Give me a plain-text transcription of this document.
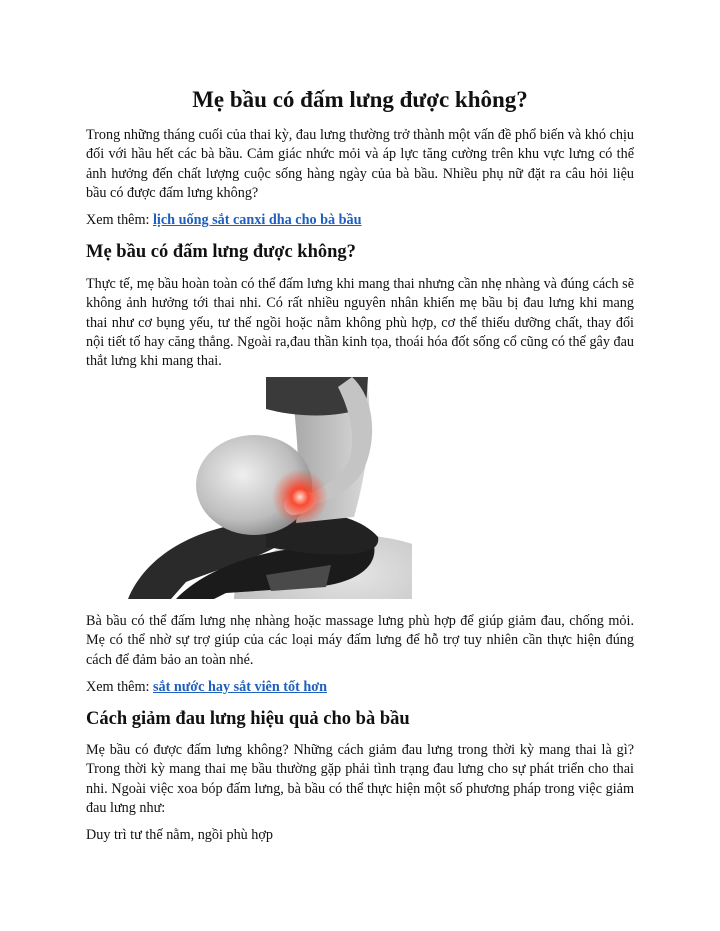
Mẹ bầu có đấm lưng được không?

Trong những tháng cuối của thai kỳ, đau lưng thường trở thành một vấn đề phổ biến và khó chịu đối với hầu hết các bà bầu. Cảm giác nhức mỏi và áp lực tăng cường trên khu vực lưng có thể ảnh hưởng đến chất lượng cuộc sống hàng ngày của bà bầu. Nhiều phụ nữ đặt ra câu hỏi liệu bầu có được đấm lưng không?

Xem thêm: lịch uống sắt canxi dha cho bà bầu
Mẹ bầu có đấm lưng được không?

Thực tế, mẹ bầu hoàn toàn có thể đấm lưng khi mang thai nhưng cần nhẹ nhàng và đúng cách sẽ không ảnh hưởng tới thai nhi. Có rất nhiều nguyên nhân khiến mẹ bầu bị đau lưng khi mang thai như cơ bụng yếu, tư thế ngồi hoặc nằm không phù hợp, cơ thể thiếu dưỡng chất, thay đổi nội tiết tố hay căng thẳng. Ngoài ra,đau thần kinh tọa, thoái hóa đốt sống cổ cũng có thể gây đau thắt lưng khi mang thai.

Bà bầu có thể đấm lưng nhẹ nhàng hoặc massage lưng phù hợp để giúp giảm đau, chống mỏi. Mẹ có thể nhờ sự trợ giúp của các loại máy đấm lưng để hỗ trợ tuy nhiên cần thực hiện đúng cách để đảm bảo an toàn nhé.

Xem thêm: sắt nước hay sắt viên tốt hơn
Cách giảm đau lưng hiệu quả cho bà bầu

Mẹ bầu có được đấm lưng không? Những cách giảm đau lưng trong thời kỳ mang thai là gì? Trong thời kỳ mang thai mẹ bầu thường gặp phải tình trạng đau lưng cho sự phát triển cho thai nhi. Ngoài việc xoa bóp đấm lưng, bà bầu có thể thực hiện một số phương pháp trong việc giảm đau lưng như:

Duy trì tư thế nằm, ngồi phù hợp
